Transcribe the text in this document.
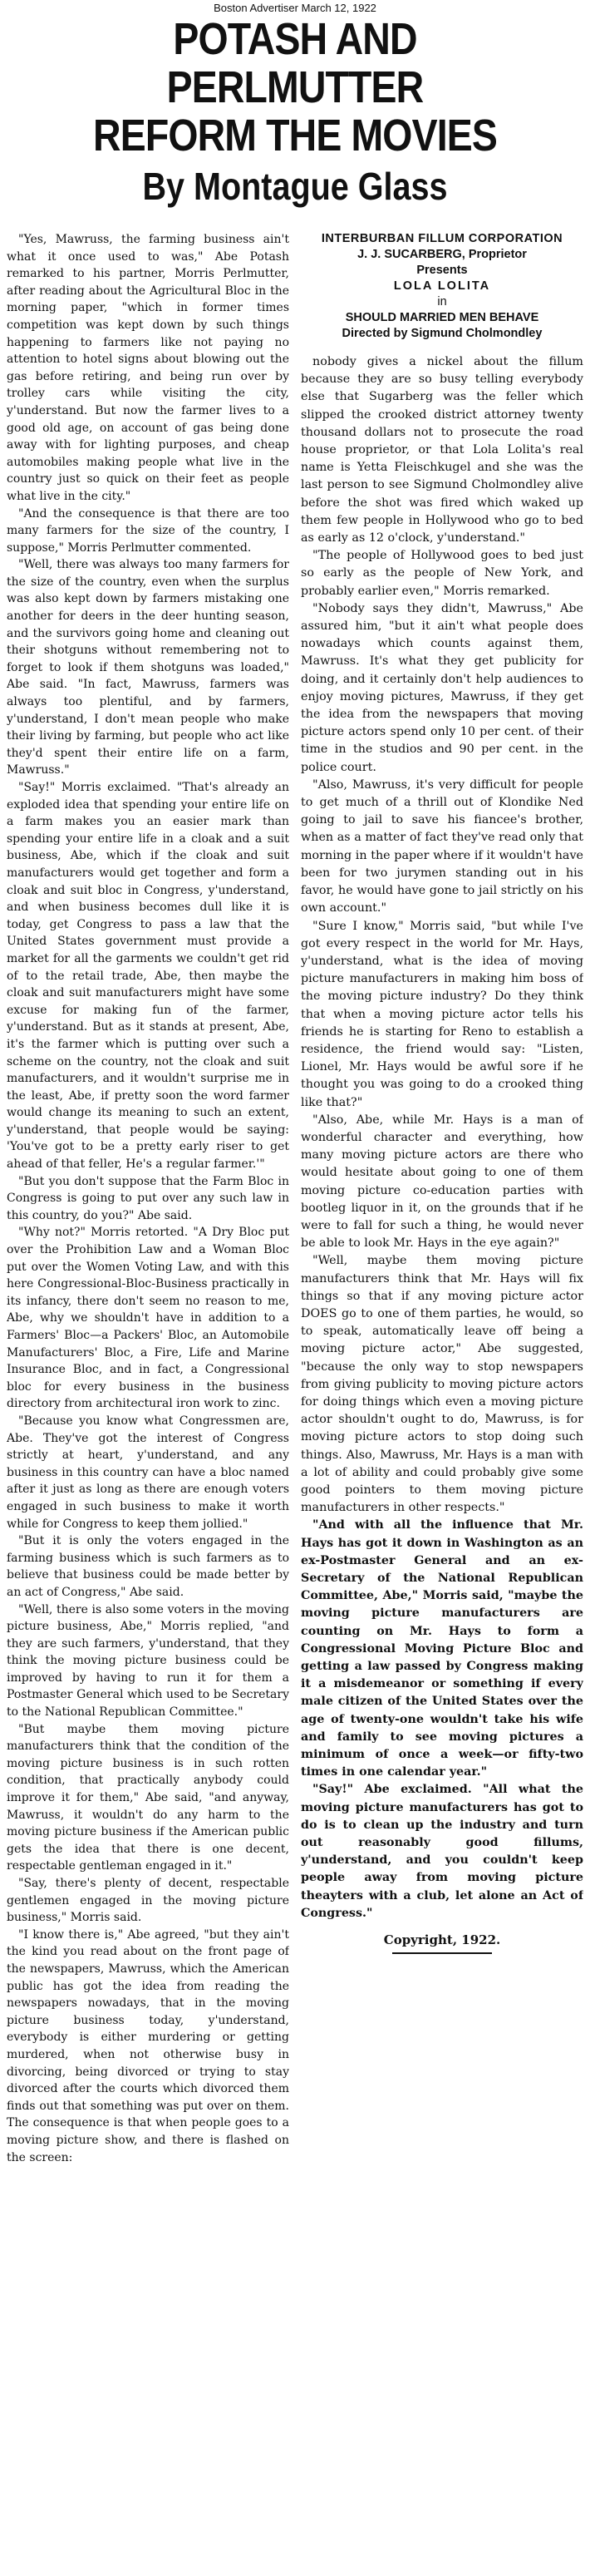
Boston Advertiser March 12, 1922
POTASH AND PERLMUTTER
REFORM THE MOVIES
By Montague Glass

"Yes, Mawruss, the farming business ain't what it once used to was," Abe Potash remarked to his partner, Morris Perlmutter, after reading about the Agricultural Bloc in the morning paper, "which in former times competition was kept down by such things happening to farmers like not paying no attention to hotel signs about blowing out the gas before retiring, and being run over by trolley cars while visiting the city, y'understand. But now the farmer lives to a good old age, on account of gas being done away with for lighting purposes, and cheap automobiles making people what live in the country just so quick on their feet as people what live in the city."

"And the consequence is that there are too many farmers for the size of the country, I suppose," Morris Perlmutter commented.

"Well, there was always too many farmers for the size of the country, even when the surplus was also kept down by farmers mistaking one another for deers in the deer hunting season, and the survivors going home and cleaning out their shotguns without remembering not to forget to look if them shotguns was loaded," Abe said. "In fact, Mawruss, farmers was always too plentiful, and by farmers, y'understand, I don't mean people who make their living by farming, but people who act like they'd spent their entire life on a farm, Mawruss."

"Say!" Morris exclaimed. "That's already an exploded idea that spending your entire life on a farm makes you an easier mark than spending your entire life in a cloak and a suit business, Abe, which if the cloak and suit manufacturers would get together and form a cloak and suit bloc in Congress, y'understand, and when business becomes dull like it is today, get Congress to pass a law that the United States government must provide a market for all the garments we couldn't get rid of to the retail trade, Abe, then maybe the cloak and suit manufacturers might have some excuse for making fun of the farmer, y'understand. But as it stands at present, Abe, it's the farmer which is putting over such a scheme on the country, not the cloak and suit manufacturers, and it wouldn't surprise me in the least, Abe, if pretty soon the word farmer would change its meaning to such an extent, y'understand, that people would be saying: 'You've got to be a pretty early riser to get ahead of that feller, He's a regular farmer.'"

"But you don't suppose that the Farm Bloc in Congress is going to put over any such law in this country, do you?" Abe said.

"Why not?" Morris retorted. "A Dry Bloc put over the Prohibition Law and a Woman Bloc put over the Women Voting Law, and with this here Congressional-Bloc-Business practically in its infancy, there don't seem no reason to me, Abe, why we shouldn't have in addition to a Farmers' Bloc—a Packers' Bloc, an Automobile Manufacturers' Bloc, a Fire, Life and Marine Insurance Bloc, and in fact, a Congressional bloc for every business in the business directory from architectural iron work to zinc.

"Because you know what Congressmen are, Abe. They've got the interest of Congress strictly at heart, y'understand, and any business in this country can have a bloc named after it just as long as there are enough voters engaged in such business to make it worth while for Congress to keep them jollied."

"But it is only the voters engaged in the farming business which is such farmers as to believe that business could be made better by an act of Congress," Abe said.

"Well, there is also some voters in the moving picture business, Abe," Morris replied, "and they are such farmers, y'understand, that they think the moving picture business could be improved by having to run it for them a Postmaster General which used to be Secretary to the National Republican Committee."

"But maybe them moving picture manufacturers think that the condition of the moving picture business is in such rotten condition, that practically anybody could improve it for them," Abe said, "and anyway, Mawruss, it wouldn't do any harm to the moving picture business if the American public gets the idea that there is one decent, respectable gentleman engaged in it."

"Say, there's plenty of decent, respectable gentlemen engaged in the moving picture business," Morris said.

"I know there is," Abe agreed, "but they ain't the kind you read about on the front page of the newspapers, Mawruss, which the American public has got the idea from reading the newspapers nowadays, that in the moving picture business today, y'understand, everybody is either murdering or getting murdered, when not otherwise busy in divorcing, being divorced or trying to stay divorced after the courts which divorced them finds out that something was put over on them. The consequence is that when people goes to a moving picture show, and there is flashed on the screen:

INTERBURBAN FILLUM CORPORATION
J. J. SUCARBERG, Proprietor
Presents
LOLA LOLITA
in
SHOULD MARRIED MEN BEHAVE
Directed by Sigmund Cholmondley

nobody gives a nickel about the fillum because they are so busy telling everybody else that Sugarberg was the feller which slipped the crooked district attorney twenty thousand dollars not to prosecute the road house proprietor, or that Lola Lolita's real name is Yetta Fleischkugel and she was the last person to see Sigmund Cholmondley alive before the shot was fired which waked up them few people in Hollywood who go to bed as early as 12 o'clock, y'understand."

"The people of Hollywood goes to bed just so early as the people of New York, and probably earlier even," Morris remarked.

"Nobody says they didn't, Mawruss," Abe assured him, "but it ain't what people does nowadays which counts against them, Mawruss. It's what they get publicity for doing, and it certainly don't help audiences to enjoy moving pictures, Mawruss, if they get the idea from the newspapers that moving picture actors spend only 10 per cent. of their time in the studios and 90 per cent. in the police court.

"Also, Mawruss, it's very difficult for people to get much of a thrill out of Klondike Ned going to jail to save his fiancee's brother, when as a matter of fact they've read only that morning in the paper where if it wouldn't have been for two jurymen standing out in his favor, he would have gone to jail strictly on his own account."

"Sure I know," Morris said, "but while I've got every respect in the world for Mr. Hays, y'understand, what is the idea of moving picture manufacturers in making him boss of the moving picture industry? Do they think that when a moving picture actor tells his friends he is starting for Reno to establish a residence, the friend would say: "Listen, Lionel, Mr. Hays would be awful sore if he thought you was going to do a crooked thing like that?"

"Also, Abe, while Mr. Hays is a man of wonderful character and everything, how many moving picture actors are there who would hesitate about going to one of them moving picture co-education parties with bootleg liquor in it, on the grounds that if he were to fall for such a thing, he would never be able to look Mr. Hays in the eye again?"

"Well, maybe them moving picture manufacturers think that Mr. Hays will fix things so that if any moving picture actor DOES go to one of them parties, he would, so to speak, automatically leave off being a moving picture actor," Abe suggested, "because the only way to stop newspapers from giving publicity to moving picture actors for doing things which even a moving picture actor shouldn't ought to do, Mawruss, is for moving picture actors to stop doing such things. Also, Mawruss, Mr. Hays is a man with a lot of ability and could probably give some good pointers to them moving picture manufacturers in other respects."

"And with all the influence that Mr. Hays has got it down in Washington as an ex-Postmaster General and an ex-Secretary of the National Republican Committee, Abe," Morris said, "maybe the moving picture manufacturers are counting on Mr. Hays to form a Congressional Moving Picture Bloc and getting a law passed by Congress making it a misdemeanor or something if every male citizen of the United States over the age of twenty-one wouldn't take his wife and family to see moving pictures a minimum of once a week—or fifty-two times in one calendar year."

"Say!" Abe exclaimed. "All what the moving picture manufacturers has got to do is to clean up the industry and turn out reasonably good fillums, y'understand, and you couldn't keep people away from moving picture theayters with a club, let alone an Act of Congress."

Copyright, 1922.
